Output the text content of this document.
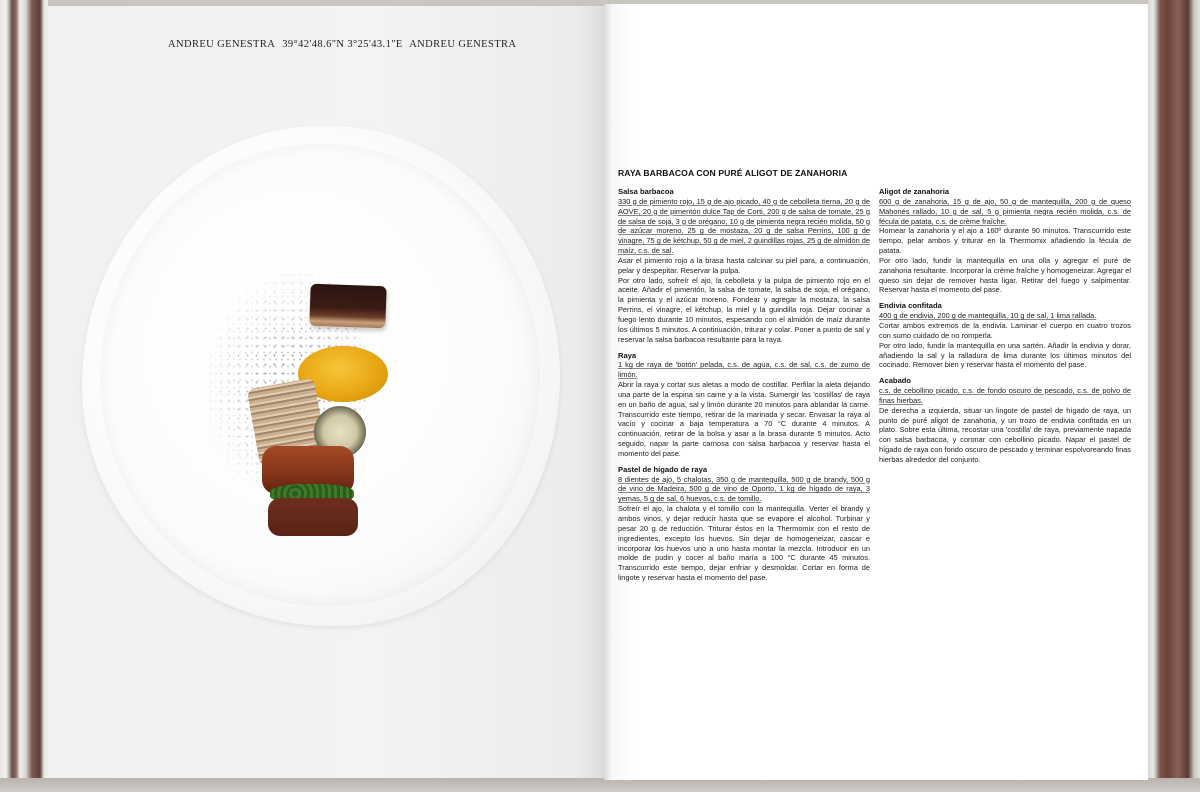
ANDREU GENESTRA 39°42'48.6"N 3°25'43.1"E ANDREU GENESTRA
RAYA BARBACOA CON PURÉ ALIGOT DE ZANAHORIA

Salsa barbacoa

330 g de pimiento rojo, 15 g de ajo picado, 40 g de cebolleta tierna, 20 g de AOVE, 20 g de pimentón dulce Tap de Corti, 200 g de salsa de tomate, 25 g de salsa de soja, 3 g de orégano, 10 g de pimienta negra recién molida, 50 g de azúcar moreno, 25 g de mostaza, 20 g de salsa Perrins, 100 g de vinagre, 75 g de kétchup, 50 g de miel, 2 guindillas rojas, 25 g de almidón de maíz, c.s. de sal.

Asar el pimiento rojo a la brasa hasta calcinar su piel para, a continuación, pelar y despepitar. Reservar la pulpa.

Por otro lado, sofreír el ajo, la cebolleta y la pulpa de pimiento rojo en el aceite. Añadir el pimentón, la salsa de tomate, la salsa de soja, el orégano, la pimienta y el azúcar moreno. Fondear y agregar la mostaza, la salsa Perrins, el vinagre, el kétchup, la miel y la guindilla roja. Dejar cocinar a fuego lento durante 10 minutos, espesando con el almidón de maíz durante los últimos 5 minutos. A continuación, triturar y colar. Poner a punto de sal y reservar la salsa barbacoa resultante para la raya.

Raya

1 kg de raya de 'botón' pelada, c.s. de agua, c.s. de sal, c.s. de zumo de limón.

Abrir la raya y cortar sus aletas a modo de costillar. Perfilar la aleta dejando una parte de la espina sin carne y a la vista. Sumergir las 'costillas' de raya en un baño de agua, sal y limón durante 20 minutos para ablandar la carne. Transcurrido este tiempo, retirar de la marinada y secar. Envasar la raya al vacío y cocinar a baja temperatura a 70 °C durante 4 minutos. A continuación, retirar de la bolsa y asar a la brasa durante 5 minutos. Acto seguido, napar la parte carnosa con salsa barbacoa y reservar hasta el momento del pase.

Pastel de hígado de raya

8 dientes de ajo, 5 chalotas, 350 g de mantequilla, 500 g de brandy, 500 g de vino de Madeira, 500 g de vino de Oporto, 1 kg de hígado de raya, 3 yemas, 5 g de sal, 6 huevos, c.s. de tomillo.

Sofreír el ajo, la chalota y el tomillo con la mantequilla. Verter el brandy y ambos vinos, y dejar reducir hasta que se evapore el alcohol. Turbinar y pesar 20 g de reducción. Triturar éstos en la Thermomix con el resto de ingredientes, excepto los huevos. Sin dejar de homogeneizar, cascar e incorporar los huevos uno a uno hasta montar la mezcla. Introducir en un molde de pudin y cocer al baño maría a 100 °C durante 45 minutos. Transcurrido este tiempo, dejar enfriar y desmoldar. Cortar en forma de lingote y reservar hasta el momento del pase.

Aligot de zanahoria

600 g de zanahoria, 15 g de ajo, 50 g de mantequilla, 200 g de queso Mahonés rallado, 10 g de sal, 5 g pimienta negra recién molida, c.s. de fécula de patata, c.s. de crème fraîche.

Hornear la zanahoria y el ajo a 160º durante 90 minutos. Transcurrido este tiempo, pelar ambos y triturar en la Thermomix añadiendo la fécula de patata.

Por otro lado, fundir la mantequilla en una olla y agregar el puré de zanahoria resultante. Incorporar la crème fraîche y homogeneizar. Agregar el queso sin dejar de remover hasta ligar. Retirar del fuego y salpimentar. Reservar hasta el momento del pase.

Endivia confitada

400 g de endivia, 200 g de mantequilla, 10 g de sal, 1 lima rallada.

Cortar ambos extremos de la endivia. Laminar el cuerpo en cuatro trozos con sumo cuidado de no romperla.

Por otro lado, fundir la mantequilla en una sartén. Añadir la endivia y dorar, añadiendo la sal y la ralladura de lima durante los últimos minutos del cocinado. Remover bien y reservar hasta el momento del pase.

Acabado

c.s. de cebollino picado, c.s. de fondo oscuro de pescado, c.s. de polvo de finas hierbas.

De derecha a izquierda, situar un lingote de pastel de hígado de raya, un punto de puré aligot de zanahoria, y un trozo de endivia confitada en un plato. Sobre esta última, recostar una 'costilla' de raya, previamente napada con salsa barbacoa, y coronar con cebollino picado. Napar el pastel de hígado de raya con fondo oscuro de pescado y terminar espolvoreando finas hierbas alrededor del conjunto.
